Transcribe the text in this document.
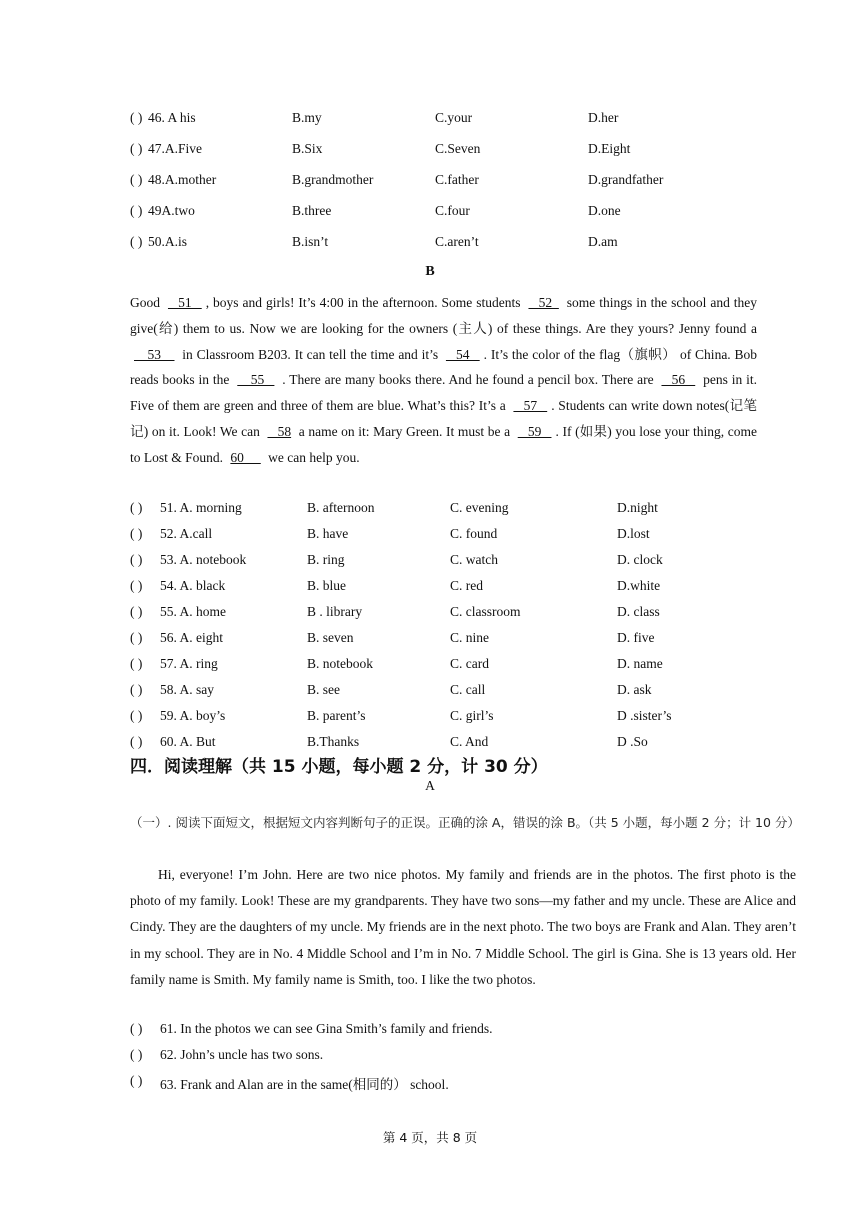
( ) 46. A his	B.my	C.your	D.her
( ) 47.A.Five	B.Six	C.Seven	D.Eight
( ) 48.A.mother	B.grandmother	C.father	D.grandfather
( ) 49A.two	B.three	C.four	D.one
( ) 50.A.is	B.isn’t	C.aren’t	D.am
B
Good    51   , boys and girls! It’s 4:00 in the afternoon. Some students    52   some things in the school and they give(给) them to us. Now we are looking for the owners (主人) of these things. Are they yours? Jenny found a     53     in Classroom B203. It can tell the time and it’s    54   . It’s the color of the flag（旗帜） of China. Bob reads books in the     55    . There are many books there. And he found a pencil box. There are    56    pens in it. Five of them are green and three of them are blue. What’s this? It’s a    57   . Students can write down notes(记笔记) on it. Look! We can    58 a name on it: Mary Green. It must be a    59   . If (如果) you lose your thing, come to Lost & Found. 60      we can help you.
( ) 51. A. morning	B. afternoon	C. evening	D.night
( ) 52. A.call	B. have	C. found	D.lost
( ) 53. A. notebook	B. ring	C. watch	D. clock
( ) 54. A. black	B. blue	C. red	D.white
( ) 55. A. home	B . library	C. classroom	D. class
( ) 56. A. eight	B. seven	C. nine	D. five
( ) 57. A. ring	B. notebook	C. card	D. name
( ) 58. A. say	B. see	C. call	D. ask
( ) 59. A. boy’s	B. parent’s	C. girl’s	D .sister’s
( ) 60. A. But	B.Thanks	C. And	D .So
四．阅读理解（共 15 小题，每小题 2 分，计 30 分）
A
（一）. 阅读下面短文，根据短文内容判断句子的正误。正确的涂 A，错误的涂 B。（共 5 小题，每小题 2 分；计 10 分）
Hi, everyone! I’m John. Here are two nice photos. My family and friends are in the photos. The first photo is the photo of my family. Look! These are my grandparents. They have two sons—my father and my uncle. These are Alice and Cindy. They are the daughters of my uncle. My friends are in the next photo. The two boys are Frank and Alan. They aren’t in my school. They are in No. 4 Middle School and I’m in No. 7 Middle School. The girl is Gina. She is 13 years old. Her family name is Smith. My family name is Smith, too. I like the two photos.
( ) 61. In the photos we can see Gina Smith’s family and friends.
( ) 62. John’s uncle has two sons.
( ) 63. Frank and Alan are in the same(相同的） school.
第 4 页，共 8 页
